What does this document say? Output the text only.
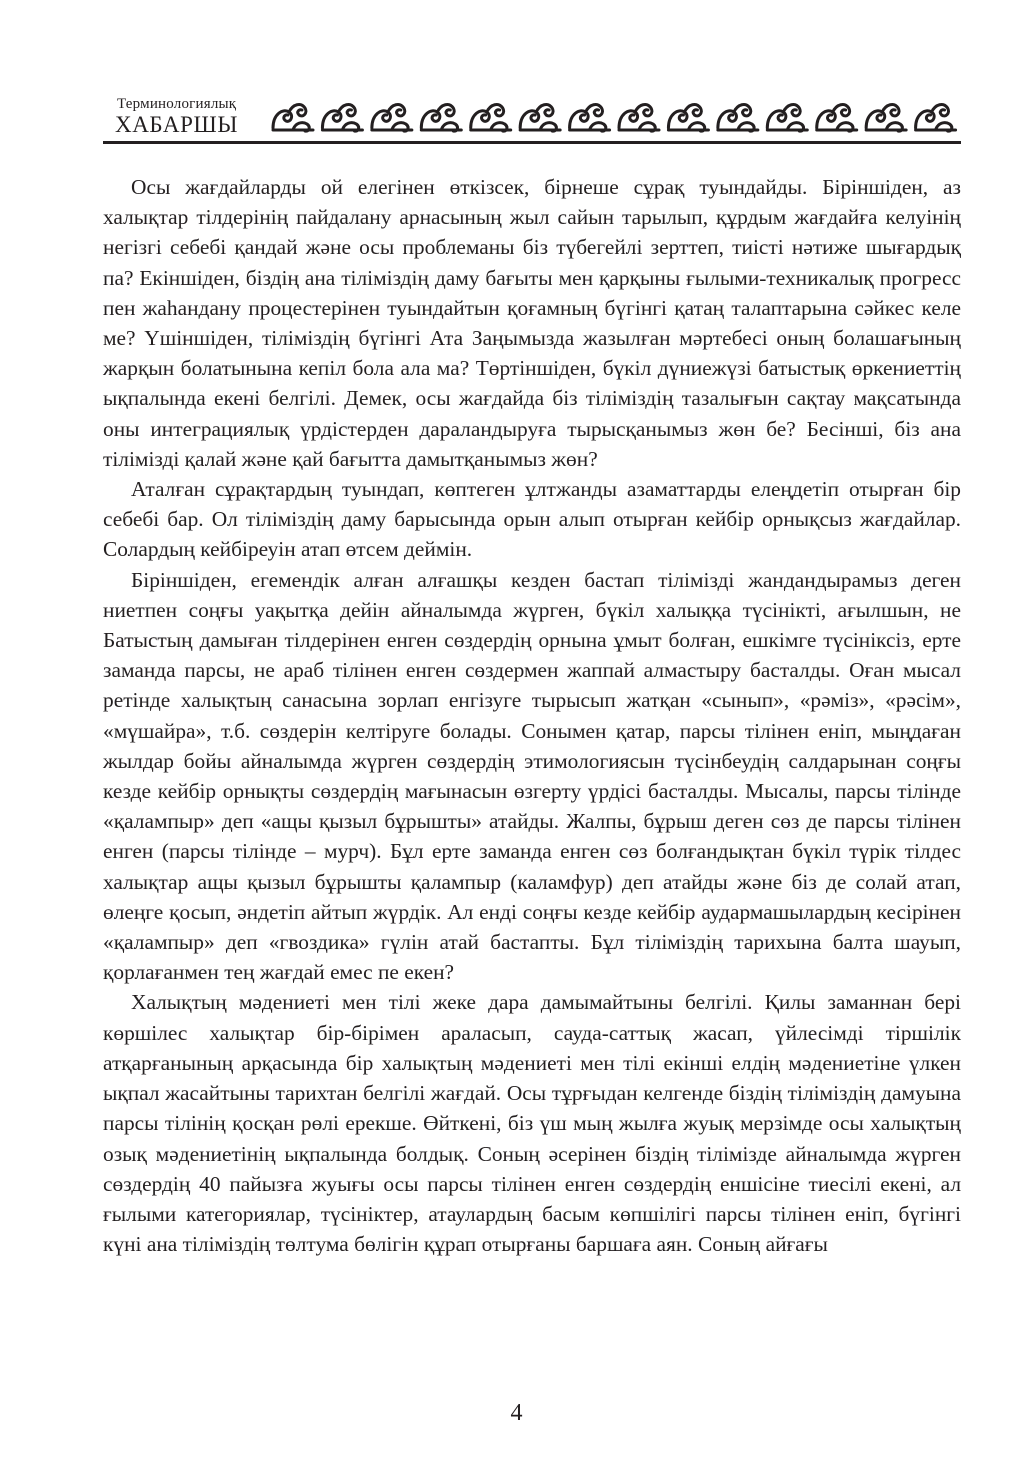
Терминологиялық
ХАБАРШЫ

Осы жағдайларды ой елегінен өткізсек, бірнеше сұрақ туындайды. Біріншіден, аз халықтар тілдерінің пайдалану арнасының жыл сайын тарылып, құрдым жағдайға келуінің негізгі себебі қандай және осы проблеманы біз түбегейлі зерттеп, тиісті нәтиже шығардық па? Екіншіден, біздің ана тіліміздің даму бағыты мен қарқыны ғылыми-техникалық прогресс пен жаһандану процестерінен туындайтын қоғамның бүгінгі қатаң талаптарына сәйкес келе ме? Үшіншіден, тіліміздің бүгінгі Ата Заңымызда жазылған мәртебесі оның болашағының жарқын болатынына кепіл бола ала ма? Төртіншіден, бүкіл дүниежүзі батыстық өркениеттің ықпалында екені белгілі. Демек, осы жағдайда біз тіліміздің тазалығын сақтау мақсатында оны интеграциялық үрдістерден дараландыруға тырысқанымыз жөн бе? Бесінші, біз ана тілімізді қалай және қай бағытта дамытқанымыз жөн?

Аталған сұрақтардың туындап, көптеген ұлтжанды азаматтарды елеңдетіп отырған бір себебі бар. Ол тіліміздің даму барысында орын алып отырған кейбір орнықсыз жағдайлар. Солардың кейбіреуін атап өтсем деймін.

Біріншіден, егемендік алған алғашқы кезден бастап тілімізді жандандырамыз деген ниетпен соңғы уақытқа дейін айналымда жүрген, бүкіл халыққа түсінікті, ағылшын, не Батыстың дамыған тілдерінен енген сөздердің орнына ұмыт болған, ешкімге түсініксіз, ерте заманда парсы, не араб тілінен енген сөздермен жаппай алмастыру басталды. Оған мысал ретінде халықтың санасына зорлап енгізуге тырысып жатқан «сынып», «рәміз», «рәсім», «мүшайра», т.б. сөздерін келтіруге болады. Сонымен қатар, парсы тілінен еніп, мыңдаған жылдар бойы айналымда жүрген сөздердің этимологиясын түсінбеудің салдарынан соңғы кезде кейбір орнықты сөздердің мағынасын өзгерту үрдісі басталды. Мысалы, парсы тілінде «қалампыр» деп «ащы қызыл бұрышты» атайды. Жалпы, бұрыш деген сөз де парсы тілінен енген (парсы тілінде – мурч). Бұл ерте заманда енген сөз болғандықтан бүкіл түрік тілдес халықтар ащы қызыл бұрышты қалампыр (каламфур) деп атайды және біз де солай атап, өлеңге қосып, әндетіп айтып жүрдік. Ал енді соңғы кезде кейбір аудармашылардың кесірінен «қалампыр» деп «гвоздика» гүлін атай бастапты. Бұл тіліміздің тарихына балта шауып, қорлағанмен тең жағдай емес пе екен?

Халықтың мәдениеті мен тілі жеке дара дамымайтыны белгілі. Қилы заманнан бері көршілес халықтар бір-бірімен араласып, сауда-саттық жасап, үйлесімді тіршілік атқарғанының арқасында бір халықтың мәдениеті мен тілі екінші елдің мәдениетіне үлкен ықпал жасайтыны тарихтан белгілі жағдай. Осы тұрғыдан келгенде біздің тіліміздің дамуына парсы тілінің қосқан рөлі ерекше. Өйткені, біз үш мың жылға жуық мерзімде осы халықтың озық мәдениетінің ықпалында болдық. Соның әсерінен біздің тілімізде айналымда жүрген сөздердің 40 пайызға жуығы осы парсы тілінен енген сөздердің еншісіне тиесілі екені, ал ғылыми категориялар, түсініктер, атаулардың басым көпшілігі парсы тілінен еніп, бүгінгі күні ана тіліміздің төлтума бөлігін құрап отырғаны баршаға аян. Соның айғағы

4
